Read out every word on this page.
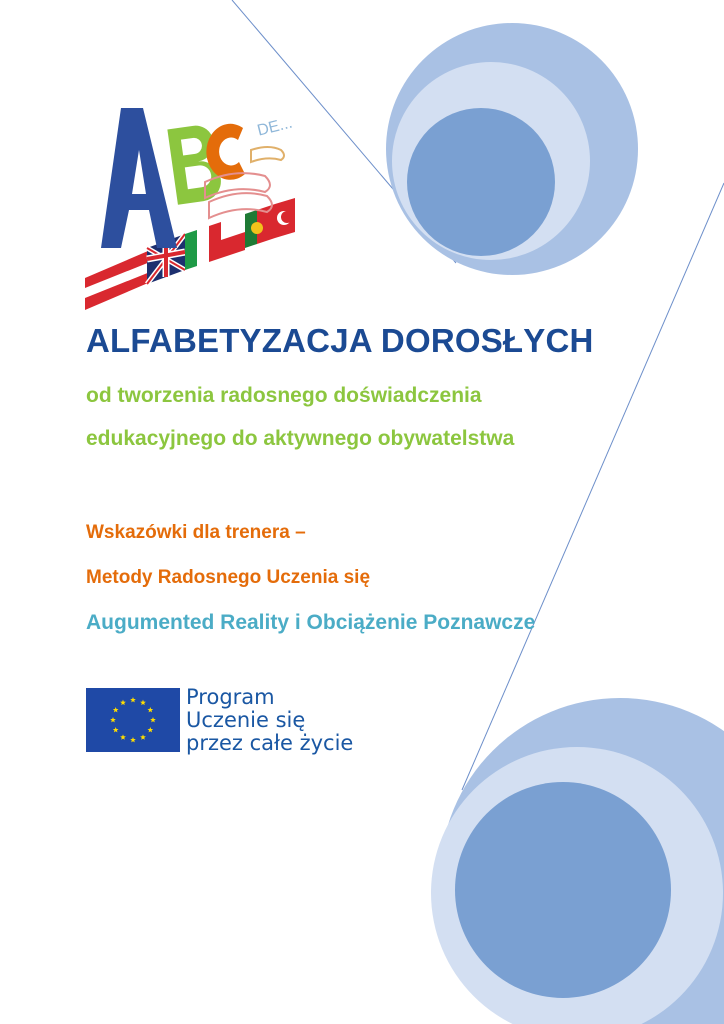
DE...
ALFABETYZACJA DOROSŁYCH
od tworzenia radosnego doświadczenia
edukacyjnego do aktywnego obywatelstwa
Wskazówki dla trenera –
Metody Radosnego Uczenia się
Augumented Reality i Obciążenie Poznawcze
Program
Uczenie się
przez całe życie
